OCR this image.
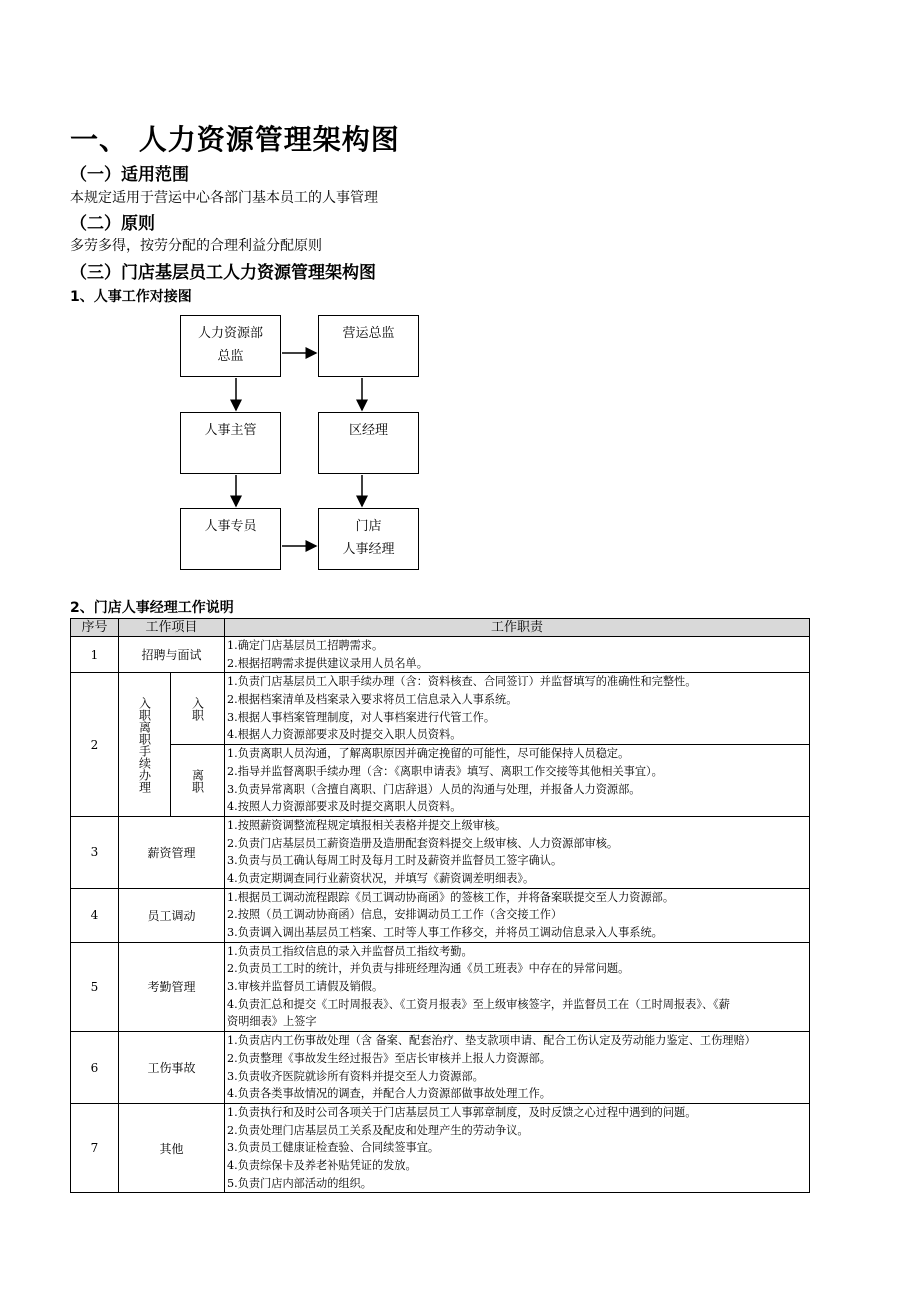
一、 人力资源管理架构图
（一）适用范围
本规定适用于营运中心各部门基本员工的人事管理
（二）原则
多劳多得，按劳分配的合理利益分配原则
（三）门店基层员工人力资源管理架构图
1、人事工作对接图
人力资源部
总监
营运总监
人事主管	区经理
人事专员	门店
人事经理
2、门店人事经理工作说明
序号	工作项目		工作职责
1	招聘与面试		1.确定门店基层员工招聘需求。
2.根据招聘需求提供建议录用人员名单。

2	入职离职手续办理	入职	1.负责门店基层员工入职手续办理（含：资料核查、合同签订）并监督填写的准确性和完整性。
2.根据档案清单及档案录入要求将员工信息录入人事系统。
3.根据人事档案管理制度，对人事档案进行代管工作。
4.根据人力资源部要求及时提交入职人员资料。

		离职	1.负责离职人员沟通，了解离职原因并确定挽留的可能性，尽可能保持人员稳定。
2.指导并监督离职手续办理（含：《离职申请表》填写、离职工作交接等其他相关事宜）。
3.负责异常离职（含擅自离职、门店辞退）人员的沟通与处理，并报备人力资源部。
4.按照人力资源部要求及时提交离职人员资料。

3	薪资管理		1.按照薪资调整流程规定填报相关表格并提交上级审核。
2.负责门店基层员工薪资造册及造册配套资料提交上级审核、人力资源部审核。
3.负责与员工确认每周工时及每月工时及薪资并监督员工签字确认。
4.负责定期调查同行业薪资状况，并填写《薪资调差明细表》。

4	员工调动		1.根据员工调动流程跟踪《员工调动协商函》的签核工作，并将备案联提交至人力资源部。
2.按照（员工调动协商函）信息，安排调动员工工作（含交接工作）
3.负责调入调出基层员工档案、工时等人事工作移交，并将员工调动信息录入人事系统。

5	考勤管理		1.负责员工指纹信息的录入并监督员工指纹考勤。
2.负责员工工时的统计，并负责与排班经理沟通《员工班表》中存在的异常问题。
3.审核并监督员工请假及销假。
4.负责汇总和提交《工时周报表》、《工资月报表》至上级审核签字，并监督员工在（工时周报表》、《薪
资明细表》上签字

6	工伤事故		1.负责店内工伤事故处理（含 备案、配套治疗、垫支款项申请、配合工伤认定及劳动能力鉴定、工伤理赔）
2.负责整理《事故发生经过报告》至店长审核并上报人力资源部。
3.负责收齐医院就诊所有资料并提交至人力资源部。
4.负责各类事故情况的调查，并配合人力资源部做事故处理工作。

7	其他		1.负责执行和及时公司各项关于门店基层员工人事郭章制度，及时反馈之心过程中遇到的问题。
2.负责处理门店基层员工关系及配皮和处理产生的劳动争议。
3.负责员工健康证检查验、合同续签事宜。
4.负责综保卡及养老补贴凭证的发放。
5.负责门店内部活动的组织。
